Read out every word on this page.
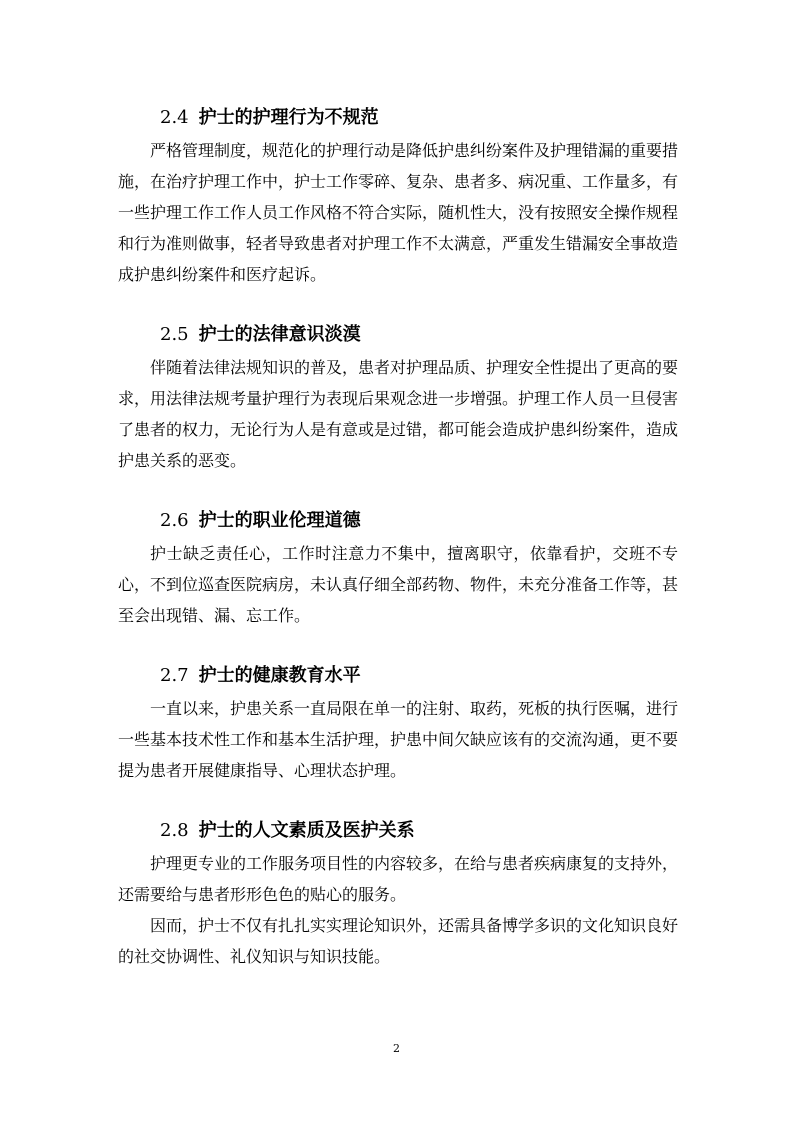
2.4 护士的护理行为不规范

严格管理制度，规范化的护理行动是降低护患纠纷案件及护理错漏的重要措施，在治疗护理工作中，护士工作零碎、复杂、患者多、病况重、工作量多，有一些护理工作工作人员工作风格不符合实际，随机性大，没有按照安全操作规程和行为准则做事，轻者导致患者对护理工作不太满意，严重发生错漏安全事故造成护患纠纷案件和医疗起诉。

2.5 护士的法律意识淡漠

伴随着法律法规知识的普及，患者对护理品质、护理安全性提出了更高的要求，用法律法规考量护理行为表现后果观念进一步增强。护理工作人员一旦侵害了患者的权力，无论行为人是有意或是过错，都可能会造成护患纠纷案件，造成护患关系的恶变。

2.6 护士的职业伦理道德

护士缺乏责任心，工作时注意力不集中，擅离职守，依靠看护，交班不专心，不到位巡查医院病房，未认真仔细全部药物、物件，未充分准备工作等，甚至会出现错、漏、忘工作。

2.7 护士的健康教育水平

一直以来，护患关系一直局限在单一的注射、取药，死板的执行医嘱，进行一些基本技术性工作和基本生活护理，护患中间欠缺应该有的交流沟通，更不要提为患者开展健康指导、心理状态护理。

2.8 护士的人文素质及医护关系

护理更专业的工作服务项目性的内容较多，在给与患者疾病康复的支持外，还需要给与患者形形色色的贴心的服务。

因而，护士不仅有扎扎实实理论知识外，还需具备博学多识的文化知识良好的社交协调性、礼仪知识与知识技能。

2
